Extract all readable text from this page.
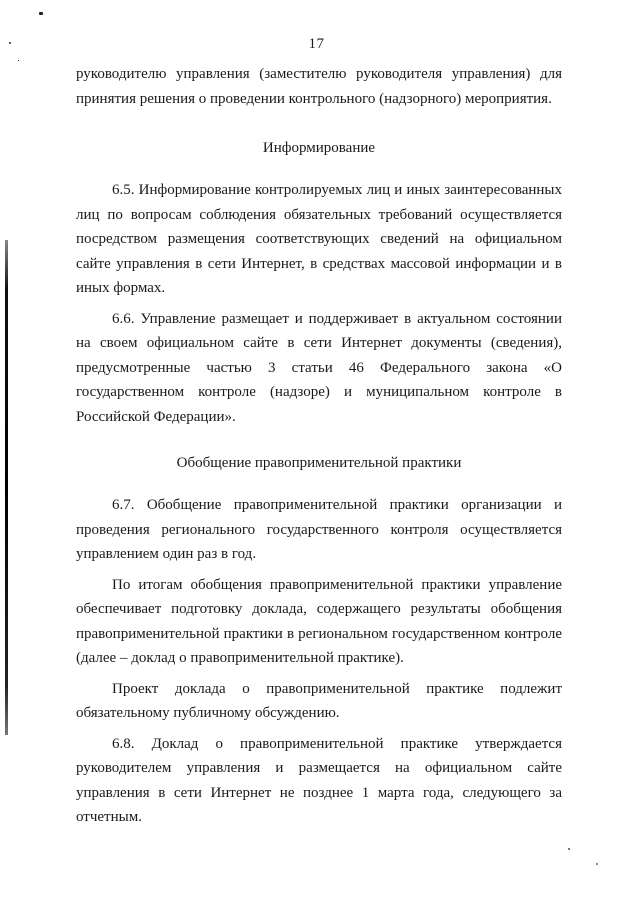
17

руководителю управления (заместителю руководителя управления) для принятия решения о проведении контрольного (надзорного) мероприятия.

Информирование

6.5. Информирование контролируемых лиц и иных заинтересованных лиц по вопросам соблюдения обязательных требований осуществляется посредством размещения соответствующих сведений на официальном сайте управления в сети Интернет, в средствах массовой информации и в иных формах.

6.6. Управление размещает и поддерживает в актуальном состоянии на своем официальном сайте в сети Интернет документы (сведения), предусмотренные частью 3 статьи 46 Федерального закона «О государственном контроле (надзоре) и муниципальном контроле в Российской Федерации».

Обобщение правоприменительной практики

6.7. Обобщение правоприменительной практики организации и проведения регионального государственного контроля осуществляется управлением один раз в год.

По итогам обобщения правоприменительной практики управление обеспечивает подготовку доклада, содержащего результаты обобщения правоприменительной практики в региональном государственном контроле (далее – доклад о правоприменительной практике).

Проект доклада о правоприменительной практике подлежит обязательному публичному обсуждению.

6.8. Доклад о правоприменительной практике утверждается руководителем управления и размещается на официальном сайте управления в сети Интернет не позднее 1 марта года, следующего за отчетным.
